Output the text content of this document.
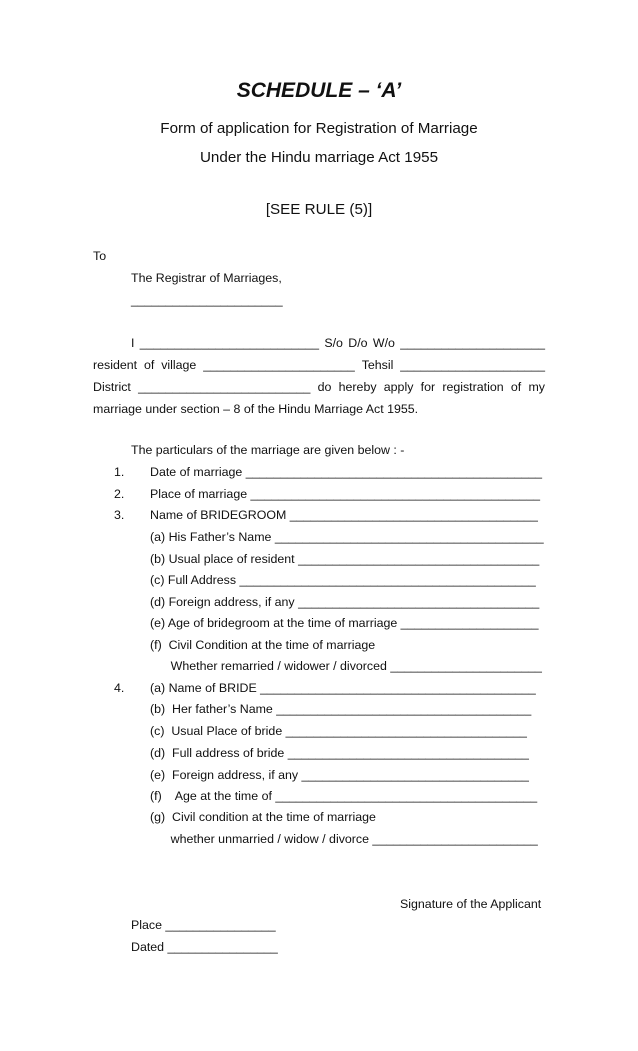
SCHEDULE – ‘A’
Form of application for Registration of Marriage
Under the Hindu marriage Act 1955
[SEE RULE (5)]
To
The Registrar of Marriages,
______________________
I __________________________ S/o D/o W/o _____________________
resident of village ______________________ Tehsil _____________________
District _________________________ do hereby apply for registration of my
marriage under section – 8 of the Hindu Marriage Act 1955.
The particulars of the marriage are given below : -
1. Date of marriage ___________________________________________
2. Place of marriage __________________________________________
3. Name of BRIDEGROOM ____________________________________
(a) His Father’s Name _______________________________________
(b) Usual place of resident ___________________________________
(c) Full Address ___________________________________________
(d) Foreign address, if any ___________________________________
(e) Age of bridegroom at the time of marriage ____________________
(f)  Civil Condition at the time of marriage
Whether remarried / widower / divorced ______________________
4. (a) Name of BRIDE ________________________________________
(b)  Her father’s Name _____________________________________
(c)  Usual Place of bride ___________________________________
(d)  Full address of bride ___________________________________
(e)  Foreign address, if any _________________________________
(f)    Age at the time of ______________________________________
(g)  Civil condition at the time of marriage
whether unmarried / widow / divorce ________________________
Signature of the Applicant
Place ________________
Dated ________________
